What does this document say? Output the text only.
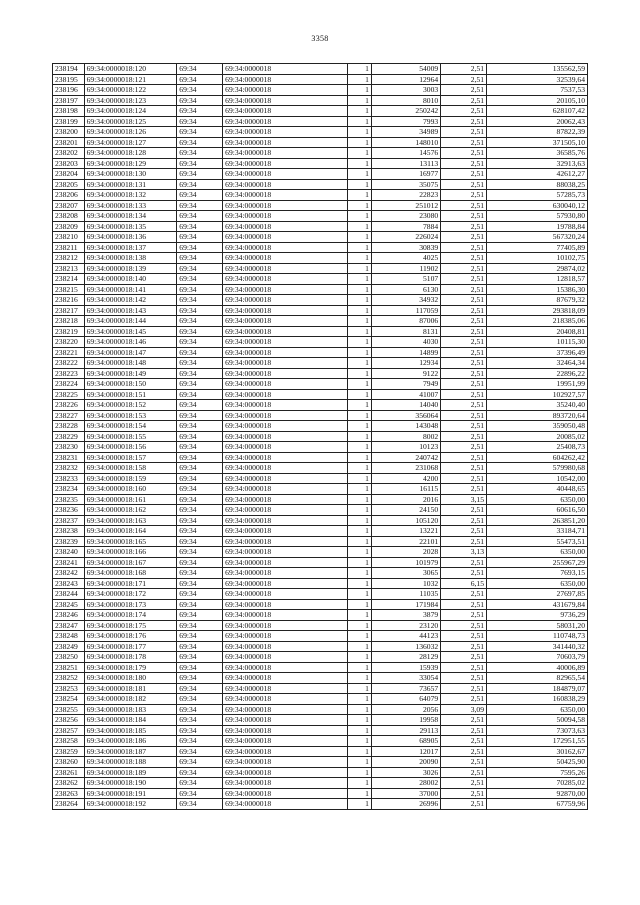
3358
238194	69:34:0000018:120	69:34	69:34:0000018	1	54009	2,51	135562,59
238195	69:34:0000018:121	69:34	69:34:0000018	1	12964	2,51	32539,64
238196	69:34:0000018:122	69:34	69:34:0000018	1	3003	2,51	7537,53
238197	69:34:0000018:123	69:34	69:34:0000018	1	8010	2,51	20105,10
238198	69:34:0000018:124	69:34	69:34:0000018	1	250242	2,51	628107,42
238199	69:34:0000018:125	69:34	69:34:0000018	1	7993	2,51	20062,43
238200	69:34:0000018:126	69:34	69:34:0000018	1	34989	2,51	87822,39
238201	69:34:0000018:127	69:34	69:34:0000018	1	148010	2,51	371505,10
238202	69:34:0000018:128	69:34	69:34:0000018	1	14576	2,51	36585,76
238203	69:34:0000018:129	69:34	69:34:0000018	1	13113	2,51	32913,63
238204	69:34:0000018:130	69:34	69:34:0000018	1	16977	2,51	42612,27
238205	69:34:0000018:131	69:34	69:34:0000018	1	35075	2,51	88038,25
238206	69:34:0000018:132	69:34	69:34:0000018	1	22823	2,51	57285,73
238207	69:34:0000018:133	69:34	69:34:0000018	1	251012	2,51	630040,12
238208	69:34:0000018:134	69:34	69:34:0000018	1	23080	2,51	57930,80
238209	69:34:0000018:135	69:34	69:34:0000018	1	7884	2,51	19788,84
238210	69:34:0000018:136	69:34	69:34:0000018	1	226024	2,51	567320,24
238211	69:34:0000018:137	69:34	69:34:0000018	1	30839	2,51	77405,89
238212	69:34:0000018:138	69:34	69:34:0000018	1	4025	2,51	10102,75
238213	69:34:0000018:139	69:34	69:34:0000018	1	11902	2,51	29874,02
238214	69:34:0000018:140	69:34	69:34:0000018	1	5107	2,51	12818,57
238215	69:34:0000018:141	69:34	69:34:0000018	1	6130	2,51	15386,30
238216	69:34:0000018:142	69:34	69:34:0000018	1	34932	2,51	87679,32
238217	69:34:0000018:143	69:34	69:34:0000018	1	117059	2,51	293818,09
238218	69:34:0000018:144	69:34	69:34:0000018	1	87006	2,51	218385,06
238219	69:34:0000018:145	69:34	69:34:0000018	1	8131	2,51	20408,81
238220	69:34:0000018:146	69:34	69:34:0000018	1	4030	2,51	10115,30
238221	69:34:0000018:147	69:34	69:34:0000018	1	14899	2,51	37396,49
238222	69:34:0000018:148	69:34	69:34:0000018	1	12934	2,51	32464,34
238223	69:34:0000018:149	69:34	69:34:0000018	1	9122	2,51	22896,22
238224	69:34:0000018:150	69:34	69:34:0000018	1	7949	2,51	19951,99
238225	69:34:0000018:151	69:34	69:34:0000018	1	41007	2,51	102927,57
238226	69:34:0000018:152	69:34	69:34:0000018	1	14040	2,51	35240,40
238227	69:34:0000018:153	69:34	69:34:0000018	1	356064	2,51	893720,64
238228	69:34:0000018:154	69:34	69:34:0000018	1	143048	2,51	359050,48
238229	69:34:0000018:155	69:34	69:34:0000018	1	8002	2,51	20085,02
238230	69:34:0000018:156	69:34	69:34:0000018	1	10123	2,51	25408,73
238231	69:34:0000018:157	69:34	69:34:0000018	1	240742	2,51	604262,42
238232	69:34:0000018:158	69:34	69:34:0000018	1	231068	2,51	579980,68
238233	69:34:0000018:159	69:34	69:34:0000018	1	4200	2,51	10542,00
238234	69:34:0000018:160	69:34	69:34:0000018	1	16115	2,51	40448,65
238235	69:34:0000018:161	69:34	69:34:0000018	1	2016	3,15	6350,00
238236	69:34:0000018:162	69:34	69:34:0000018	1	24150	2,51	60616,50
238237	69:34:0000018:163	69:34	69:34:0000018	1	105120	2,51	263851,20
238238	69:34:0000018:164	69:34	69:34:0000018	1	13221	2,51	33184,71
238239	69:34:0000018:165	69:34	69:34:0000018	1	22101	2,51	55473,51
238240	69:34:0000018:166	69:34	69:34:0000018	1	2028	3,13	6350,00
238241	69:34:0000018:167	69:34	69:34:0000018	1	101979	2,51	255967,29
238242	69:34:0000018:168	69:34	69:34:0000018	1	3065	2,51	7693,15
238243	69:34:0000018:171	69:34	69:34:0000018	1	1032	6,15	6350,00
238244	69:34:0000018:172	69:34	69:34:0000018	1	11035	2,51	27697,85
238245	69:34:0000018:173	69:34	69:34:0000018	1	171984	2,51	431679,84
238246	69:34:0000018:174	69:34	69:34:0000018	1	3879	2,51	9736,29
238247	69:34:0000018:175	69:34	69:34:0000018	1	23120	2,51	58031,20
238248	69:34:0000018:176	69:34	69:34:0000018	1	44123	2,51	110748,73
238249	69:34:0000018:177	69:34	69:34:0000018	1	136032	2,51	341440,32
238250	69:34:0000018:178	69:34	69:34:0000018	1	28129	2,51	70603,79
238251	69:34:0000018:179	69:34	69:34:0000018	1	15939	2,51	40006,89
238252	69:34:0000018:180	69:34	69:34:0000018	1	33054	2,51	82965,54
238253	69:34:0000018:181	69:34	69:34:0000018	1	73657	2,51	184879,07
238254	69:34:0000018:182	69:34	69:34:0000018	1	64079	2,51	160838,29
238255	69:34:0000018:183	69:34	69:34:0000018	1	2056	3,09	6350,00
238256	69:34:0000018:184	69:34	69:34:0000018	1	19958	2,51	50094,58
238257	69:34:0000018:185	69:34	69:34:0000018	1	29113	2,51	73073,63
238258	69:34:0000018:186	69:34	69:34:0000018	1	68905	2,51	172951,55
238259	69:34:0000018:187	69:34	69:34:0000018	1	12017	2,51	30162,67
238260	69:34:0000018:188	69:34	69:34:0000018	1	20090	2,51	50425,90
238261	69:34:0000018:189	69:34	69:34:0000018	1	3026	2,51	7595,26
238262	69:34:0000018:190	69:34	69:34:0000018	1	28002	2,51	70285,02
238263	69:34:0000018:191	69:34	69:34:0000018	1	37000	2,51	92870,00
238264	69:34:0000018:192	69:34	69:34:0000018	1	26996	2,51	67759,96
